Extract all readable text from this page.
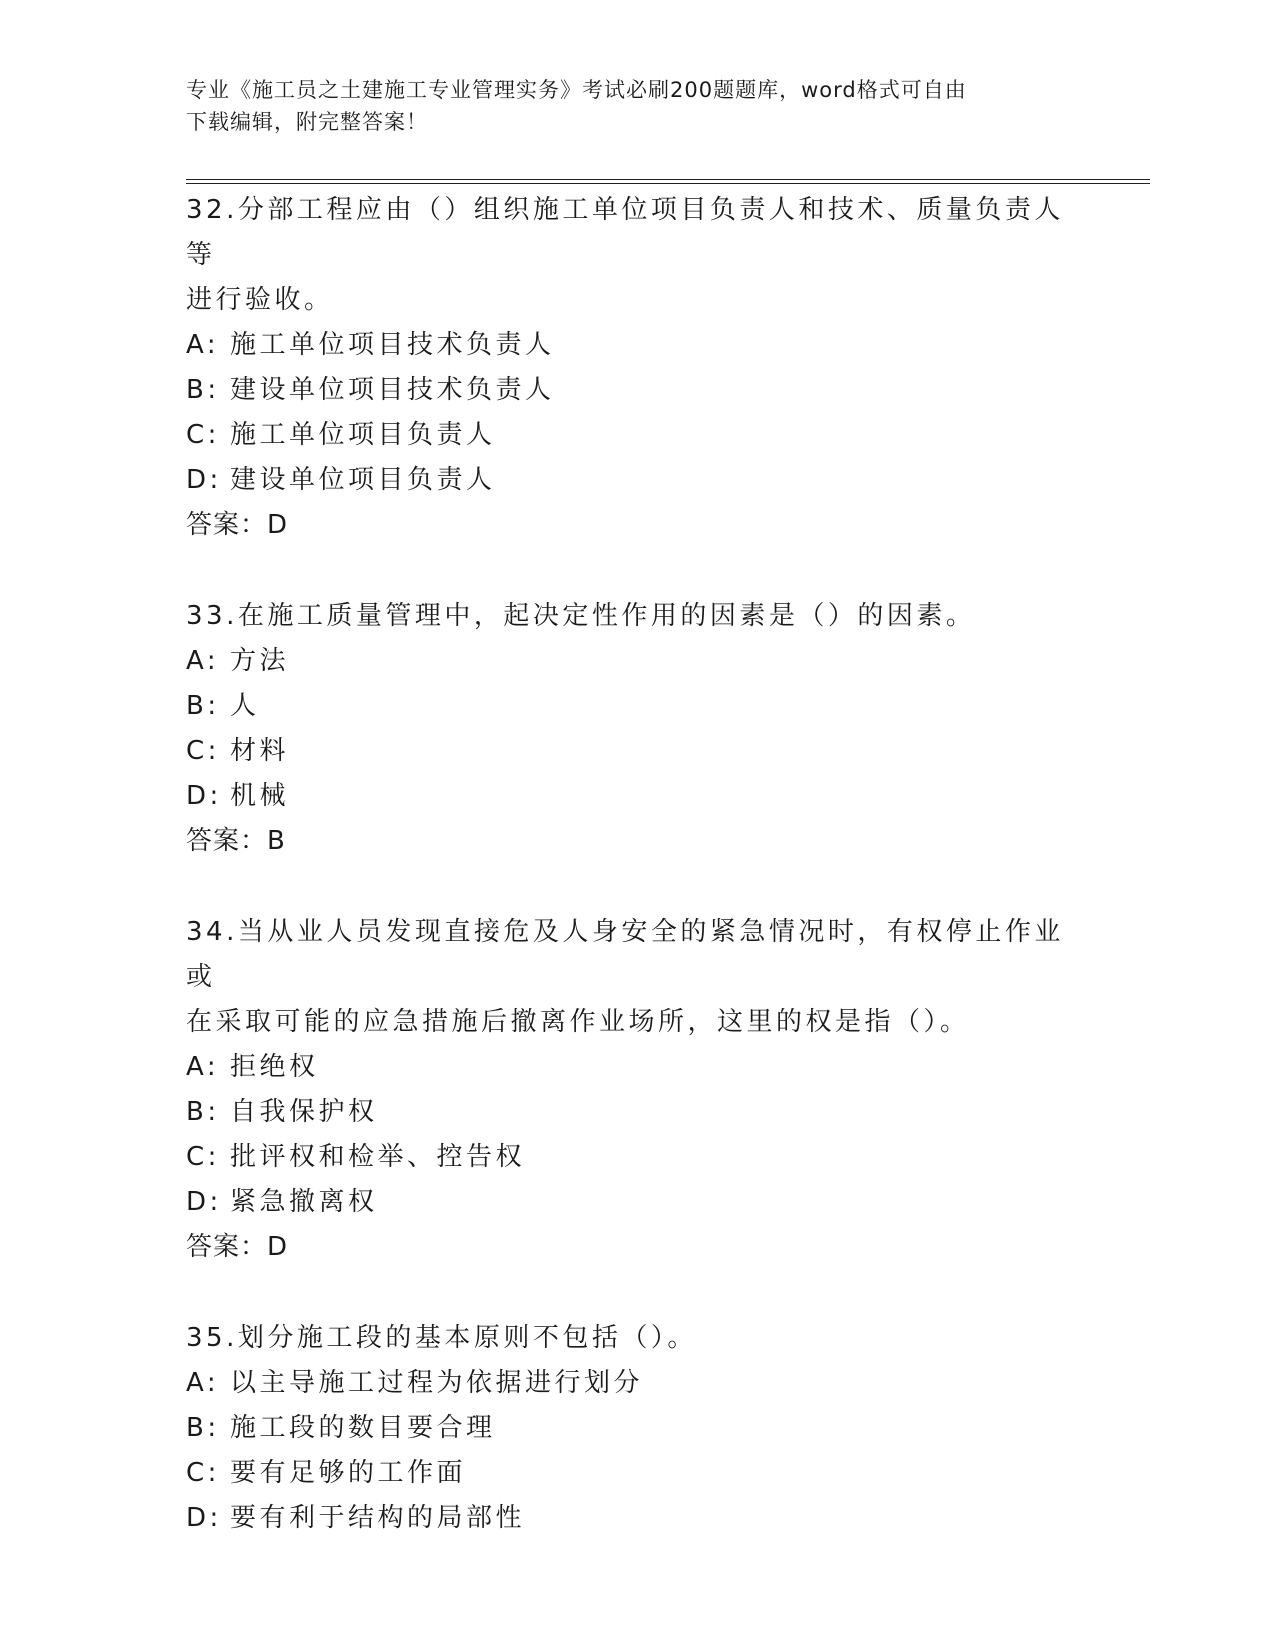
专业《施工员之土建施工专业管理实务》考试必刷200题题库，word格式可自由
下载编辑，附完整答案！

32.分部工程应由（）组织施工单位项目负责人和技术、质量负责人等

进行验收。

A: 施工单位项目技术负责人

B: 建设单位项目技术负责人

C: 施工单位项目负责人

D: 建设单位项目负责人

答案：D

33.在施工质量管理中，起决定性作用的因素是（）的因素。

A: 方法

B: 人

C: 材料

D: 机械

答案：B

34.当从业人员发现直接危及人身安全的紧急情况时，有权停止作业或

在采取可能的应急措施后撤离作业场所，这里的权是指（）。

A: 拒绝权

B: 自我保护权

C: 批评权和检举、控告权

D: 紧急撤离权

答案：D

35.划分施工段的基本原则不包括（）。

A: 以主导施工过程为依据进行划分

B: 施工段的数目要合理

C: 要有足够的工作面

D: 要有利于结构的局部性
